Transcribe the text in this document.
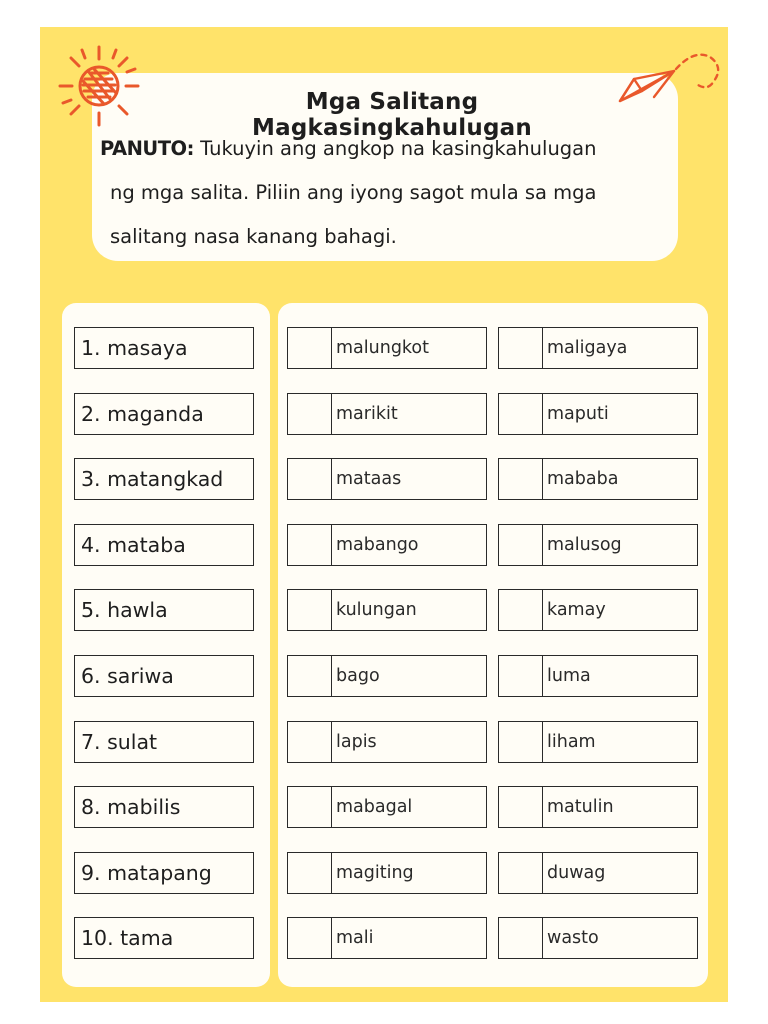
Mga Salitang Magkasingkahulugan
PANUTO: Tukuyin ang angkop na kasingkahulugan
ng mga salita. Piliin ang iyong sagot mula sa mga
salitang nasa kanang bahagi.
1. masaya	malungkot	maligaya
2. maganda	marikit	maputi
3. matangkad	mataas	mababa
4. mataba	mabango	malusog
5. hawla	kulungan	kamay
6. sariwa	bago	luma
7. sulat	lapis	liham
8. mabilis	mabagal	matulin
9. matapang	magiting	duwag
10. tama	mali	wasto
